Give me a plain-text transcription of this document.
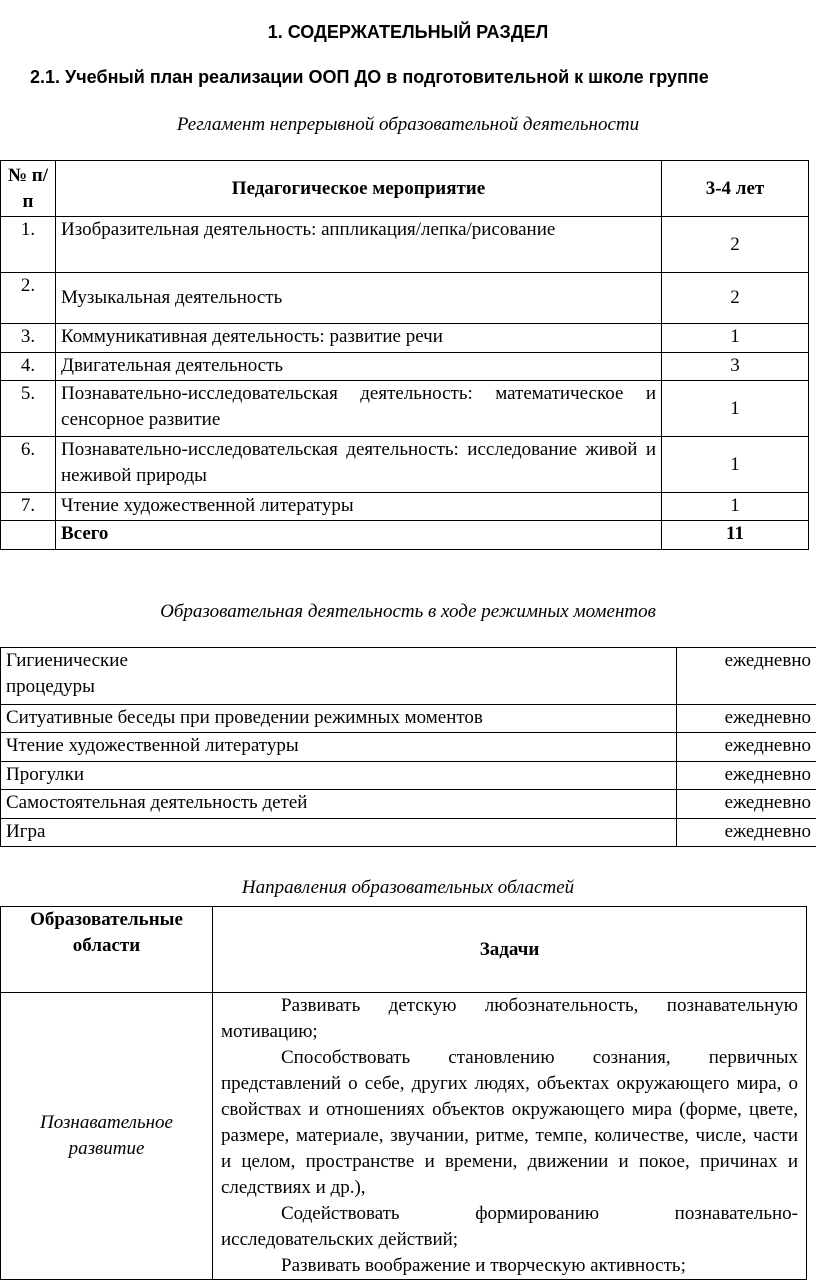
1. СОДЕРЖАТЕЛЬНЫЙ РАЗДЕЛ
2.1. Учебный план реализации ООП ДО в подготовительной к школе группе
Регламент непрерывной образовательной деятельности
№ п/п	Педагогическое мероприятие	3-4 лет
1.	Изобразительная деятельность: аппликация/лепка/рисование	2
2.	Музыкальная деятельность	2
3.	Коммуникативная деятельность: развитие речи	1
4.	Двигательная деятельность	3
5.	Познавательно-исследовательская деятельность: математическое и сенсорное развитие	1
6.	Познавательно-исследовательская деятельность: исследование живой и неживой природы	1
7.	Чтение художественной литературы	1
	Всего	11
Образовательная деятельность в ходе режимных моментов
Гигиенические процедуры	ежедневно
Ситуативные беседы при проведении режимных моментов	ежедневно
Чтение художественной литературы	ежедневно
Прогулки	ежедневно
Самостоятельная деятельность детей	ежедневно
Игра	ежедневно
Направления образовательных областей
Образовательные области	Задачи
Познавательное развитие	Развивать детскую любознательность, познавательную мотивацию;

Способствовать становлению сознания, первичных представлений о себе, других людях, объектах окружающего мира, о свойствах и отношениях объектов окружающего мира (форме, цвете, размере, материале, звучании, ритме, темпе, количестве, числе, части и целом, пространстве и времени, движении и покое, причинах и следствиях и др.),

Содействовать формированию познавательно-исследовательских действий;

Развивать воображение и творческую активность;
